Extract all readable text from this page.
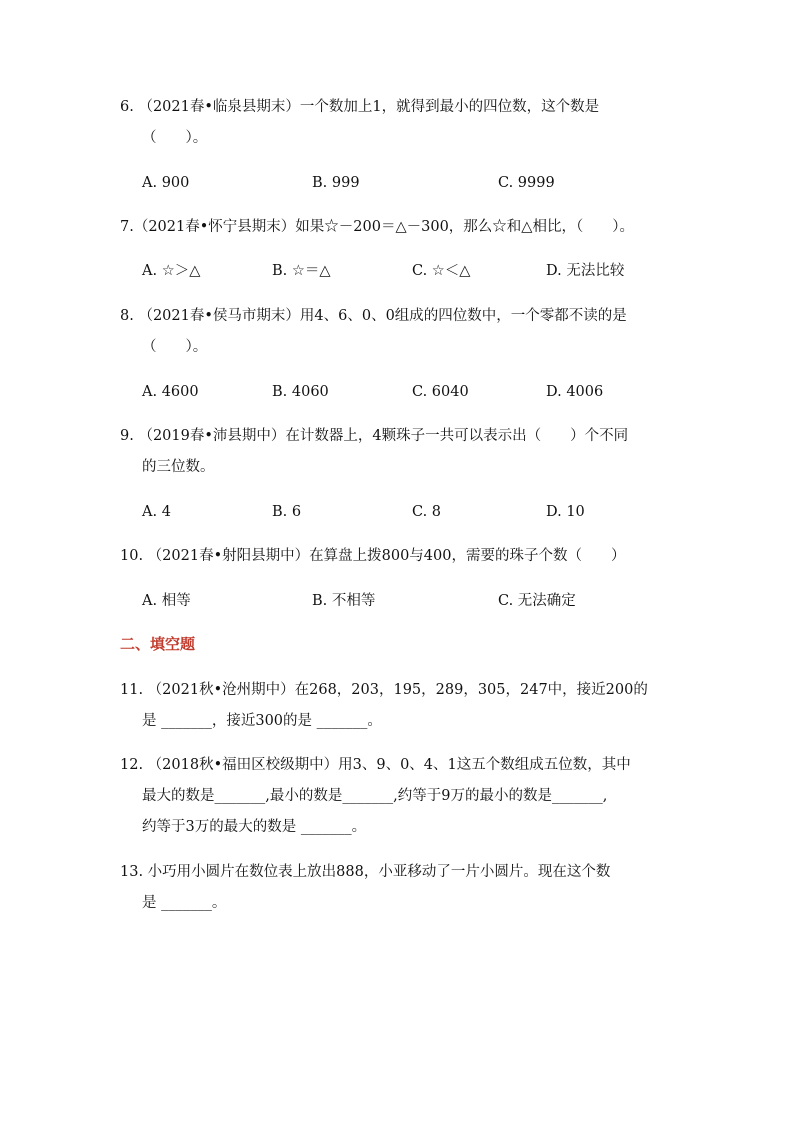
6. （2021春•临泉县期末）一个数加上1，就得到最小的四位数，这个数是
（　　）。
A. 900	B. 999	C. 9999
7.（2021春•怀宁县期末）如果☆－200＝△－300，那么☆和△相比，（　　）。
A. ☆＞△	B. ☆＝△	C. ☆＜△	D. 无法比较
8. （2021春•侯马市期末）用4、6、0、0组成的四位数中，一个零都不读的是
（　　）。
A. 4600	B. 4060	C. 6040	D. 4006
9. （2019春•沛县期中）在计数器上，4颗珠子一共可以表示出（　　）个不同
的三位数。
A. 4	B. 6	C. 8	D. 10
10. （2021春•射阳县期中）在算盘上拨800与400，需要的珠子个数（　　）
A. 相等	B. 不相等	C. 无法确定
二、填空题
11. （2021秋•沧州期中）在268，203，195，289，305，247中，接近200的
是 _______，接近300的是 _______。
12. （2018秋•福田区校级期中）用3、9、0、4、1这五个数组成五位数，其中
最大的数是_______,最小的数是_______,约等于9万的最小的数是_______,
约等于3万的最大的数是 _______。
13. 小巧用小圆片在数位表上放出888，小亚移动了一片小圆片。现在这个数
是 _______。
